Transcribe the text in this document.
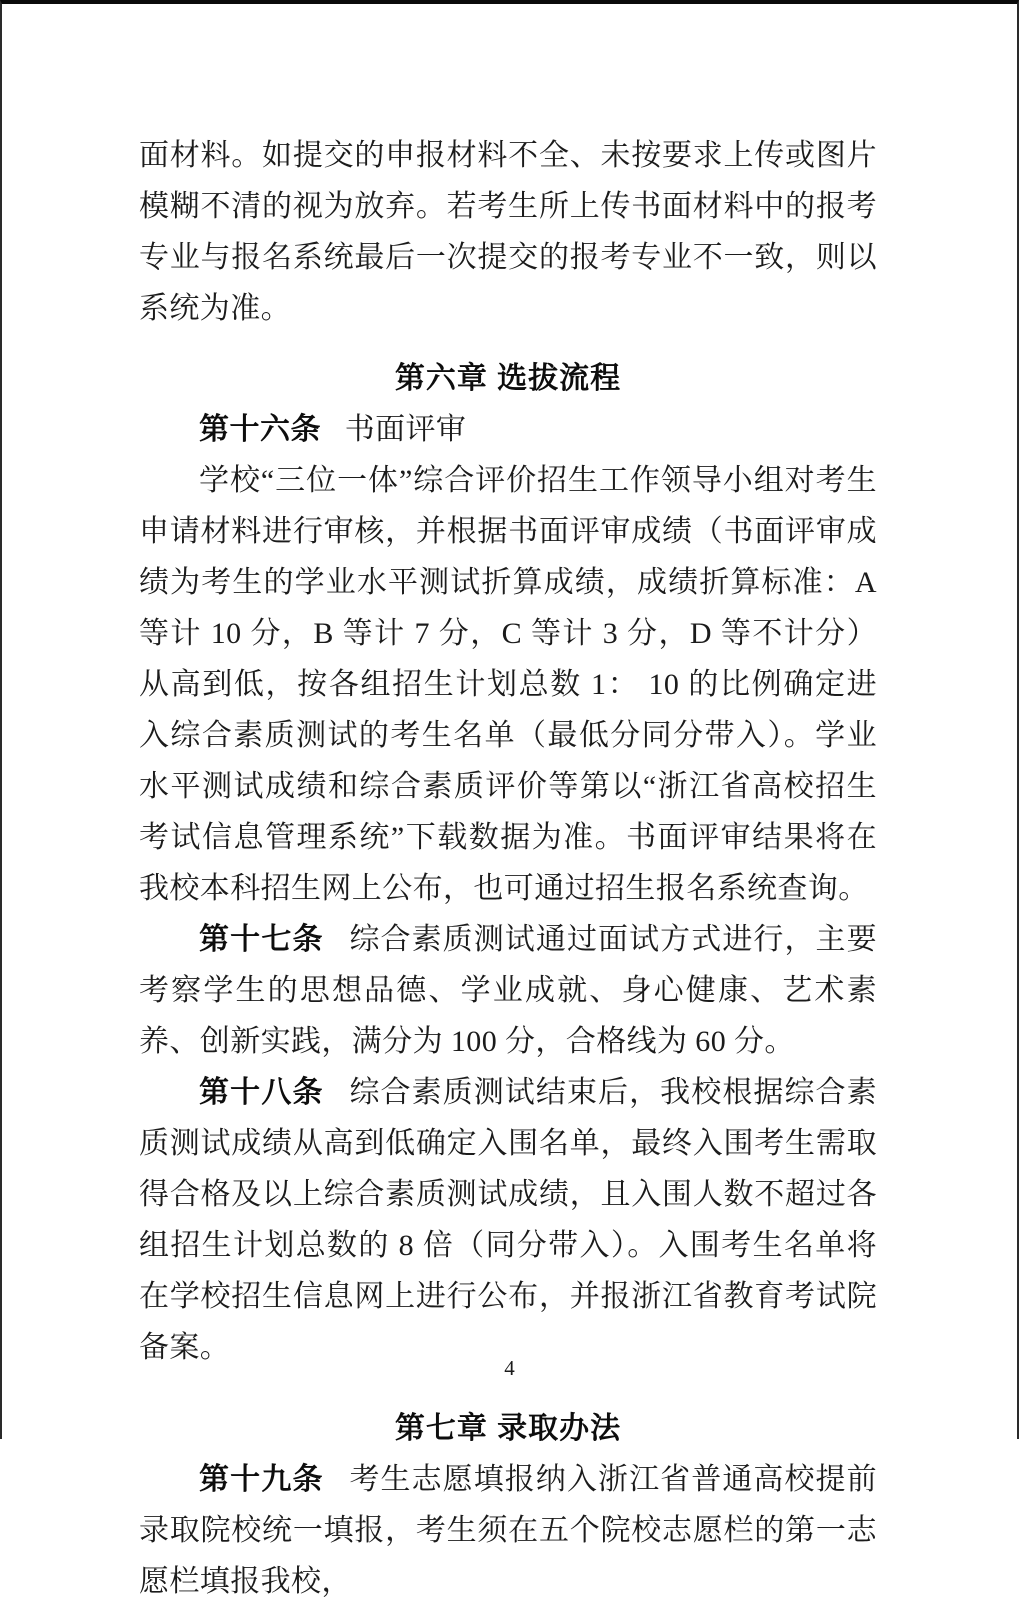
面材料。如提交的申报材料不全、未按要求上传或图片模糊不清的视为放弃。若考生所上传书面材料中的报考专业与报名系统最后一次提交的报考专业不一致，则以系统为准。

第六章 选拔流程

第十六条 书面评审

学校“三位一体”综合评价招生工作领导小组对考生申请材料进行审核，并根据书面评审成绩（书面评审成绩为考生的学业水平测试折算成绩，成绩折算标准：A 等计 10 分，B 等计 7 分，C 等计 3 分，D 等不计分）从高到低，按各组招生计划总数 1： 10 的比例确定进入综合素质测试的考生名单（最低分同分带入）。学业水平测试成绩和综合素质评价等第以“浙江省高校招生考试信息管理系统”下载数据为准。书面评审结果将在我校本科招生网上公布，也可通过招生报名系统查询。

第十七条 综合素质测试通过面试方式进行，主要考察学生的思想品德、学业成就、身心健康、艺术素养、创新实践，满分为 100 分，合格线为 60 分。

第十八条 综合素质测试结束后，我校根据综合素质测试成绩从高到低确定入围名单，最终入围考生需取得合格及以上综合素质测试成绩，且入围人数不超过各组招生计划总数的 8 倍（同分带入）。入围考生名单将在学校招生信息网上进行公布，并报浙江省教育考试院备案。

第七章 录取办法

第十九条 考生志愿填报纳入浙江省普通高校提前录取院校统一填报，考生须在五个院校志愿栏的第一志愿栏填报我校，

4
